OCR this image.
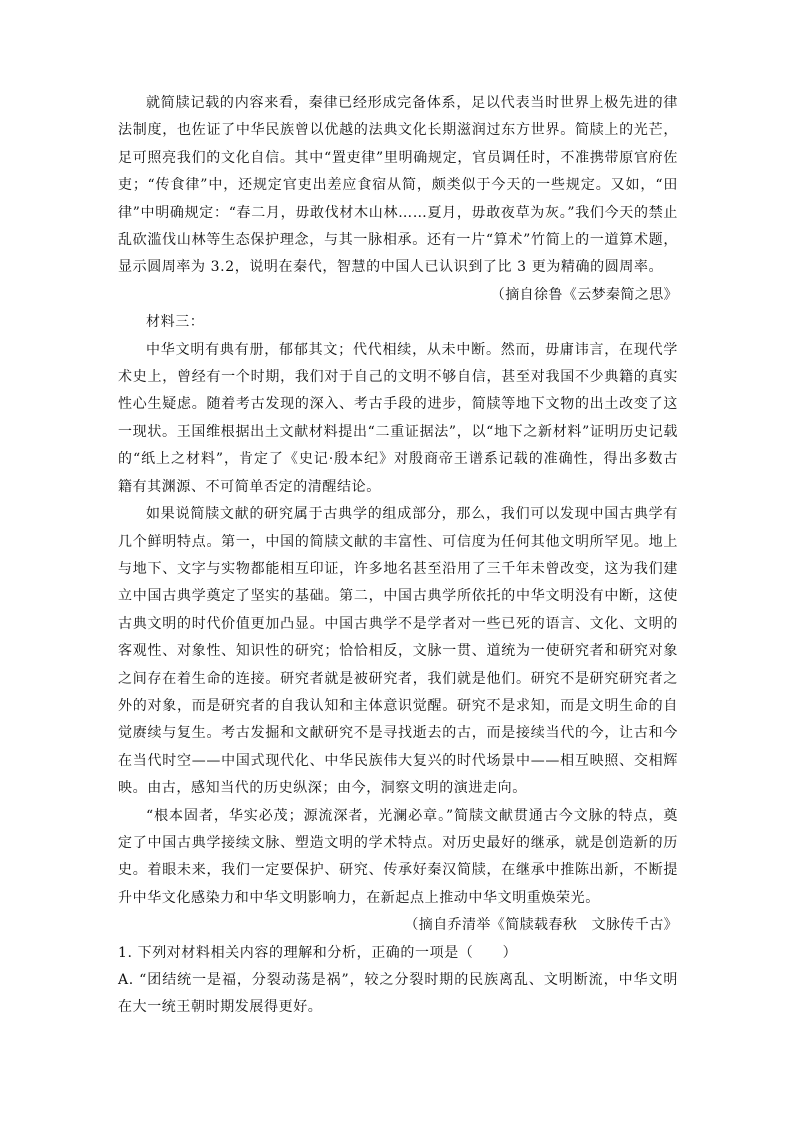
就简牍记载的内容来看，秦律已经形成完备体系，足以代表当时世界上极先进的律法制度，也佐证了中华民族曾以优越的法典文化长期滋润过东方世界。简牍上的光芒，足可照亮我们的文化自信。其中“置吏律”里明确规定，官员调任时，不准携带原官府佐吏；“传食律”中，还规定官吏出差应食宿从简，颇类似于今天的一些规定。又如，“田律”中明确规定：“春二月，毋敢伐材木山林……夏月，毋敢夜草为灰。”我们今天的禁止乱砍滥伐山林等生态保护理念，与其一脉相承。还有一片“算术”竹简上的一道算术题，显示圆周率为 3.2，说明在秦代，智慧的中国人已认识到了比 3 更为精确的圆周率。

（摘自徐鲁《云梦秦简之思》

材料三：

中华文明有典有册，郁郁其文；代代相续，从未中断。然而，毋庸讳言，在现代学术史上，曾经有一个时期，我们对于自己的文明不够自信，甚至对我国不少典籍的真实性心生疑虑。随着考古发现的深入、考古手段的进步，简牍等地下文物的出土改变了这一现状。王国维根据出土文献材料提出“二重证据法”，以“地下之新材料”证明历史记载的“纸上之材料”，肯定了《史记·殷本纪》对殷商帝王谱系记载的准确性，得出多数古籍有其渊源、不可简单否定的清醒结论。

如果说简牍文献的研究属于古典学的组成部分，那么，我们可以发现中国古典学有几个鲜明特点。第一，中国的简牍文献的丰富性、可信度为任何其他文明所罕见。地上与地下、文字与实物都能相互印证，许多地名甚至沿用了三千年未曾改变，这为我们建立中国古典学奠定了坚实的基础。第二，中国古典学所依托的中华文明没有中断，这使古典文明的时代价值更加凸显。中国古典学不是学者对一些已死的语言、文化、文明的客观性、对象性、知识性的研究；恰恰相反，文脉一贯、道统为一使研究者和研究对象之间存在着生命的连接。研究者就是被研究者，我们就是他们。研究不是研究研究者之外的对象，而是研究者的自我认知和主体意识觉醒。研究不是求知，而是文明生命的自觉赓续与复生。考古发掘和文献研究不是寻找逝去的古，而是接续当代的今，让古和今在当代时空——中国式现代化、中华民族伟大复兴的时代场景中——相互映照、交相辉映。由古，感知当代的历史纵深；由今，洞察文明的演进走向。

“根本固者，华实必茂；源流深者，光澜必章。”简牍文献贯通古今文脉的特点，奠定了中国古典学接续文脉、塑造文明的学术特点。对历史最好的继承，就是创造新的历史。着眼未来，我们一定要保护、研究、传承好秦汉简牍，在继承中推陈出新，不断提升中华文化感染力和中华文明影响力，在新起点上推动中华文明重焕荣光。

（摘自乔清举《简牍载春秋　文脉传千古》

1. 下列对材料相关内容的理解和分析，正确的一项是（　　）

A. “团结统一是福，分裂动荡是祸”，较之分裂时期的民族离乱、文明断流，中华文明在大一统王朝时期发展得更好。
